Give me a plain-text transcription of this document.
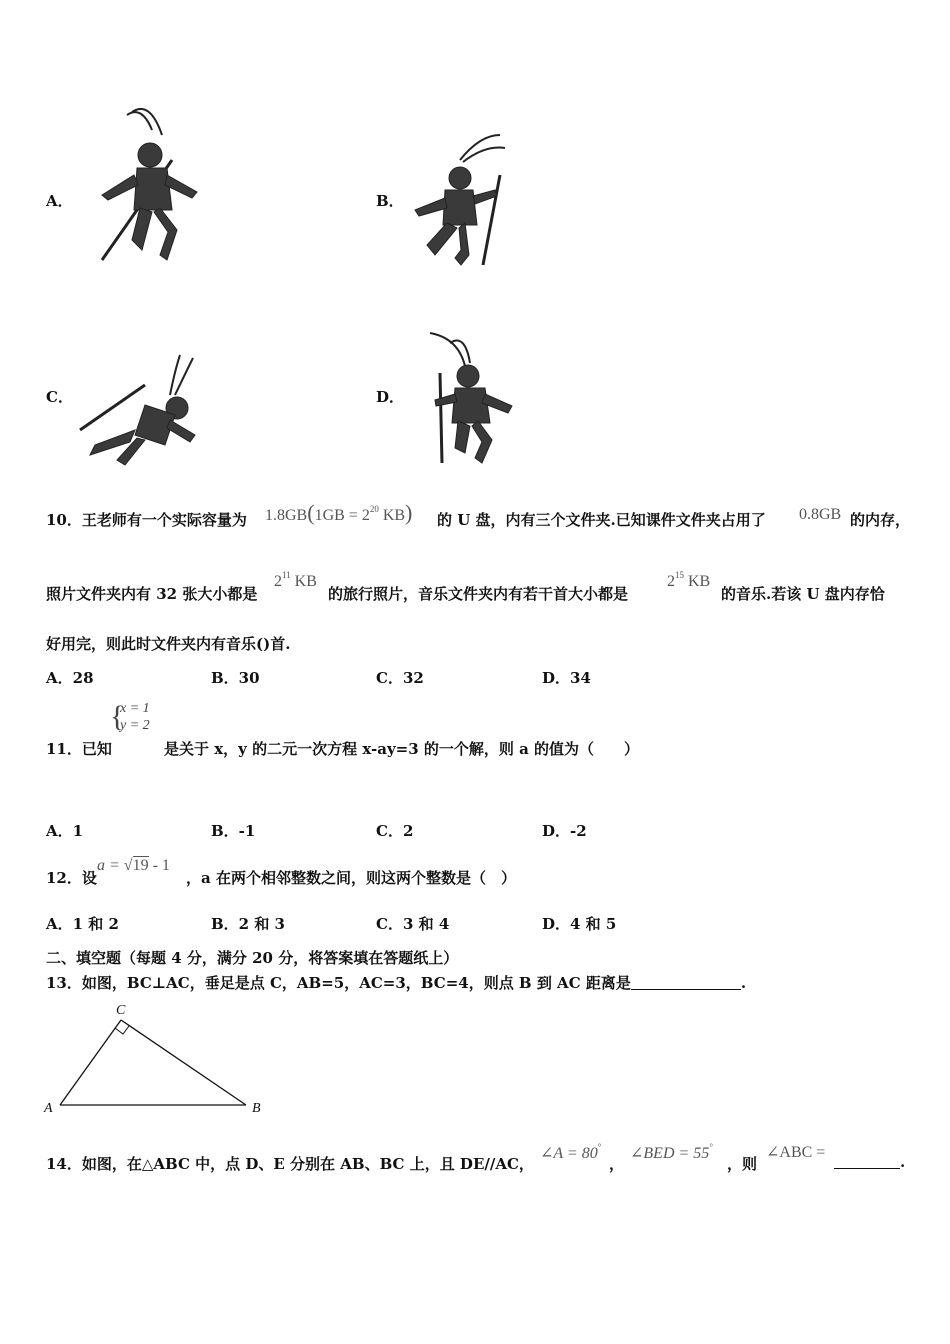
A．	B．
C．	D．
10．王老师有一个实际容量为 $1.8GB(1GB = 2^{20}$ KB) 的 U 盘，内有三个文件夹.已知课件文件夹占用了 0.8GB 的内存，
照片文件夹内有 32 张大小都是
$2^{11}$ KB
的旅行照片，音乐文件夹内有若干首大小都是
$2^{15}$ KB
的音乐.若该 U 盘内存恰
好用完，则此时文件夹内有音乐()首.
A．28	B．30	C．32	D．34
11．已知
{
x = 1
y = 2
是关于 x，y 的二元一次方程 x-ay=3 的一个解，则 a 的值为（　　）
A．1	B．-1	C．2	D．-2
12．设
a = √19 - 1
，a 在两个相邻整数之间，则这两个整数是（　）
A．1 和 2	B．2 和 3	C．3 和 4	D．4 和 5
二、填空题（每题 4 分，满分 20 分，将答案填在答题纸上）
13．如图，BC⊥AC，垂足是点 C，AB=5，AC=3，BC=4，则点 B 到 AC 距离是	.
A	B
C
14．如图，在△ABC 中，点 D、E 分别在 AB、BC 上，且 DE//AC，
∠A = 80°
，
∠BED = 55°
，则
∠ABC =
.
